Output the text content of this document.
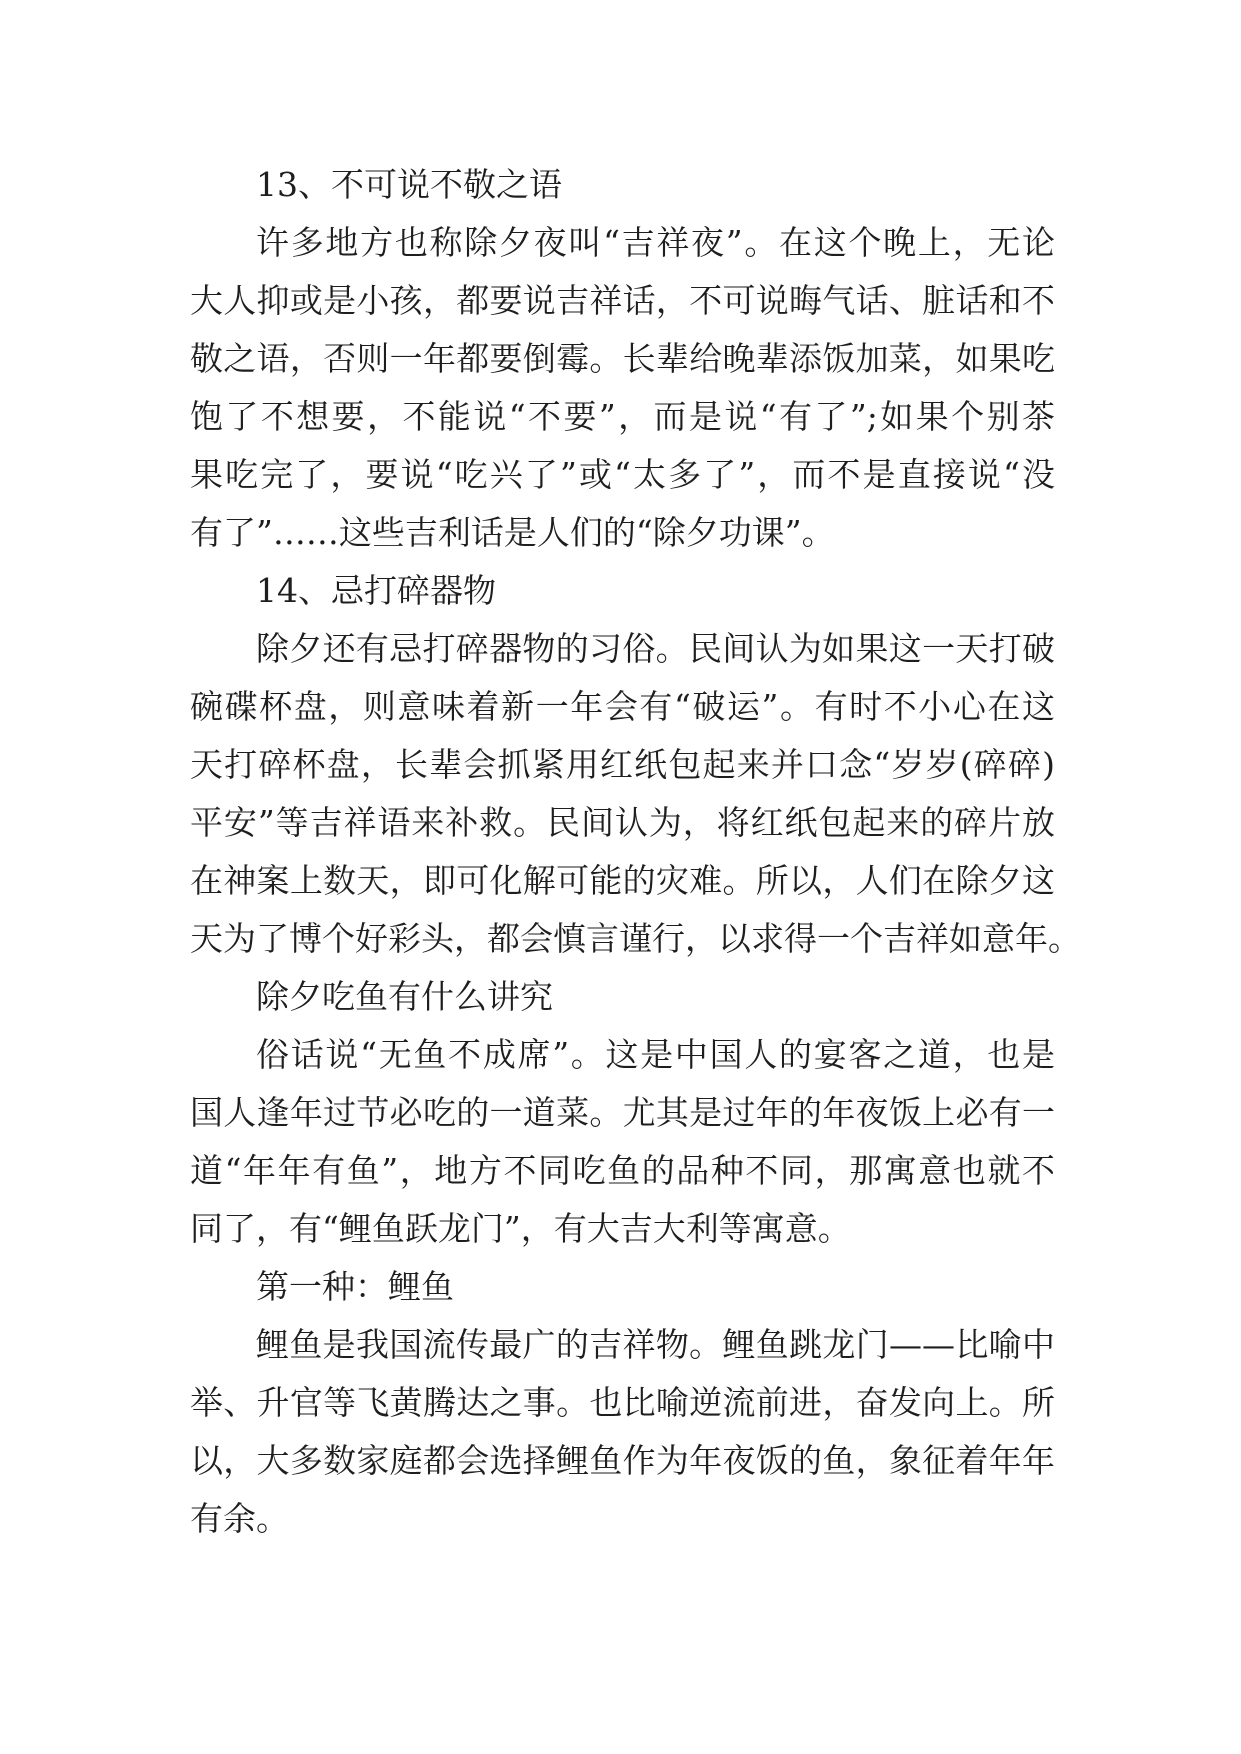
13、不可说不敬之语
许多地方也称除夕夜叫“吉祥夜”。在这个晚上，无论
大人抑或是小孩，都要说吉祥话，不可说晦气话、脏话和不
敬之语，否则一年都要倒霉。长辈给晚辈添饭加菜，如果吃
饱了不想要，不能说“不要”，而是说“有了”;如果个别茶
果吃完了，要说“吃兴了”或“太多了”，而不是直接说“没
有了”……这些吉利话是人们的“除夕功课”。
14、忌打碎器物
除夕还有忌打碎器物的习俗。民间认为如果这一天打破
碗碟杯盘，则意味着新一年会有“破运”。有时不小心在这
天打碎杯盘，长辈会抓紧用红纸包起来并口念“岁岁(碎碎)
平安”等吉祥语来补救。民间认为，将红纸包起来的碎片放
在神案上数天，即可化解可能的灾难。所以，人们在除夕这
天为了博个好彩头，都会慎言谨行，以求得一个吉祥如意年。
除夕吃鱼有什么讲究
俗话说“无鱼不成席”。这是中国人的宴客之道，也是
国人逢年过节必吃的一道菜。尤其是过年的年夜饭上必有一
道“年年有鱼”，地方不同吃鱼的品种不同，那寓意也就不
同了，有“鲤鱼跃龙门”，有大吉大利等寓意。
第一种：鲤鱼
鲤鱼是我国流传最广的吉祥物。鲤鱼跳龙门——比喻中
举、升官等飞黄腾达之事。也比喻逆流前进，奋发向上。所
以，大多数家庭都会选择鲤鱼作为年夜饭的鱼，象征着年年
有余。
